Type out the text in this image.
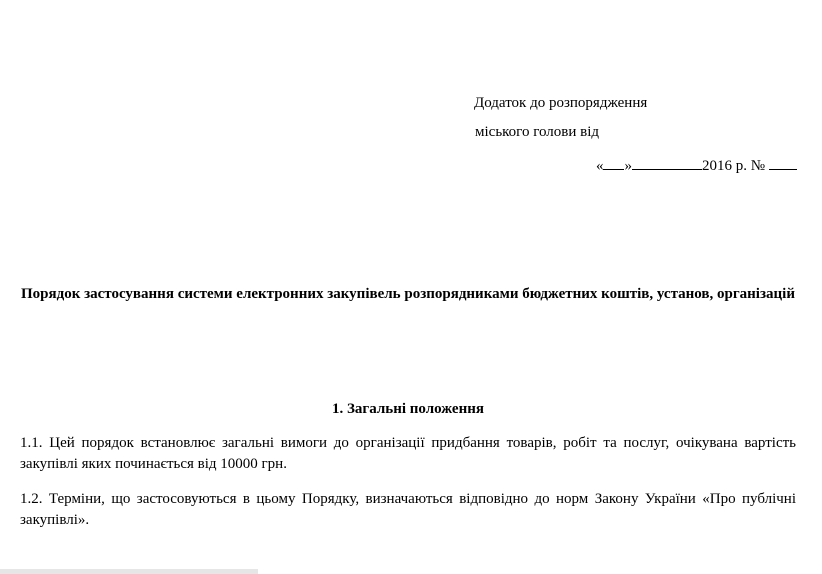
Додаток до розпорядження
міського голови від
« »	2016 р. №
Порядок застосування системи електронних закупівель розпорядниками бюджетних коштів, установ, організацій
1. Загальні положення

1.1. Цей порядок встановлює загальні вимоги до організації придбання товарів, робіт та послуг, очікувана вартість закупівлі яких починається від 10000 грн.

1.2. Терміни, що застосовуються в цьому Порядку, визначаються відповідно до норм Закону України «Про публічні закупівлі».
